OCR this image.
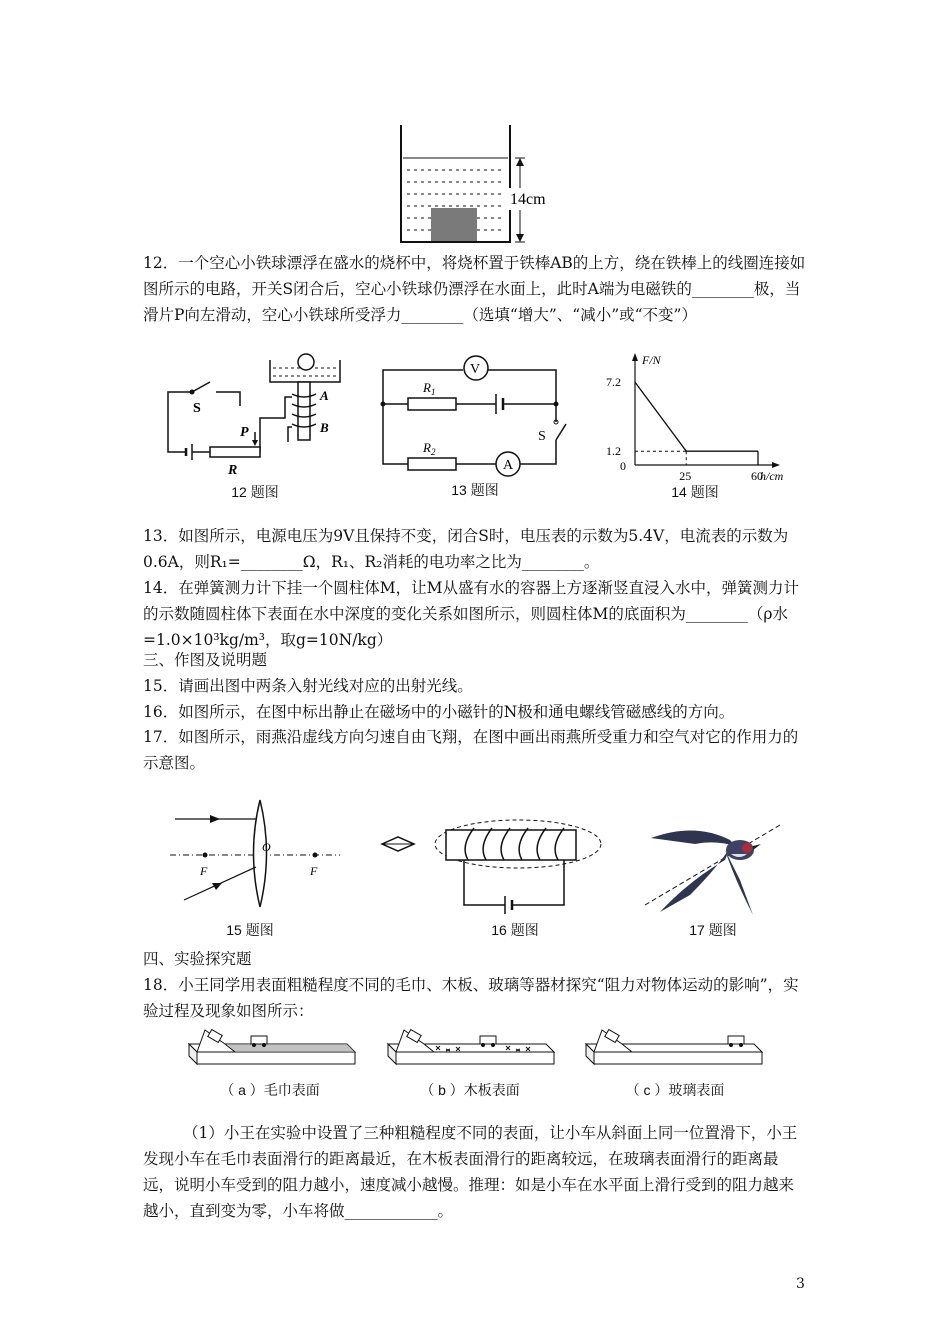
14cm

12．一个空心小铁球漂浮在盛水的烧杯中，将烧杯置于铁棒AB的上方，绕在铁棒上的线圈连接如图所示的电路，开关S闭合后，空心小铁球仍漂浮在水面上，此时A端为电磁铁的________极，当滑片P向左滑动，空心小铁球所受浮力________（选填“增大”、“减小”或“不变”）

A
B
P
R
S
12 题图
V
$R_1$
$R_2$
A
S
13 题图
F/N
h/cm
0
7.2
1.2
25	60
14 题图

13．如图所示，电源电压为9V且保持不变，闭合S时，电压表的示数为5.4V，电流表的示数为0.6A，则R₁=________Ω，R₁、R₂消耗的电功率之比为________。

14．在弹簧测力计下挂一个圆柱体M，让M从盛有水的容器上方逐渐竖直浸入水中，弹簧测力计的示数随圆柱体下表面在水中深度的变化关系如图所示，则圆柱体M的底面积为________（ρ水=1.0×10³kg/m³，取g=10N/kg）

三、作图及说明题

15．请画出图中两条入射光线对应的出射光线。

16．如图所示，在图中标出静止在磁场中的小磁针的N极和通电螺线管磁感线的方向。

17．如图所示，雨燕沿虚线方向匀速自由飞翔，在图中画出雨燕所受重力和空气对它的作用力的示意图。

O
F	F
15 题图	16 题图	17 题图

四、实验探究题

18．小王同学用表面粗糙程度不同的毛巾、木板、玻璃等器材探究“阻力对物体运动的影响”，实验过程及现象如图所示：

（ a ）毛巾表面	（ b ）木板表面	（ c ）玻璃表面

（1）小王在实验中设置了三种粗糙程度不同的表面，让小车从斜面上同一位置滑下，小王发现小车在毛巾表面滑行的距离最近，在木板表面滑行的距离较远，在玻璃表面滑行的距离最远，说明小车受到的阻力越小，速度减小越慢。推理：如是小车在水平面上滑行受到的阻力越来越小，直到变为零，小车将做____________。

3
